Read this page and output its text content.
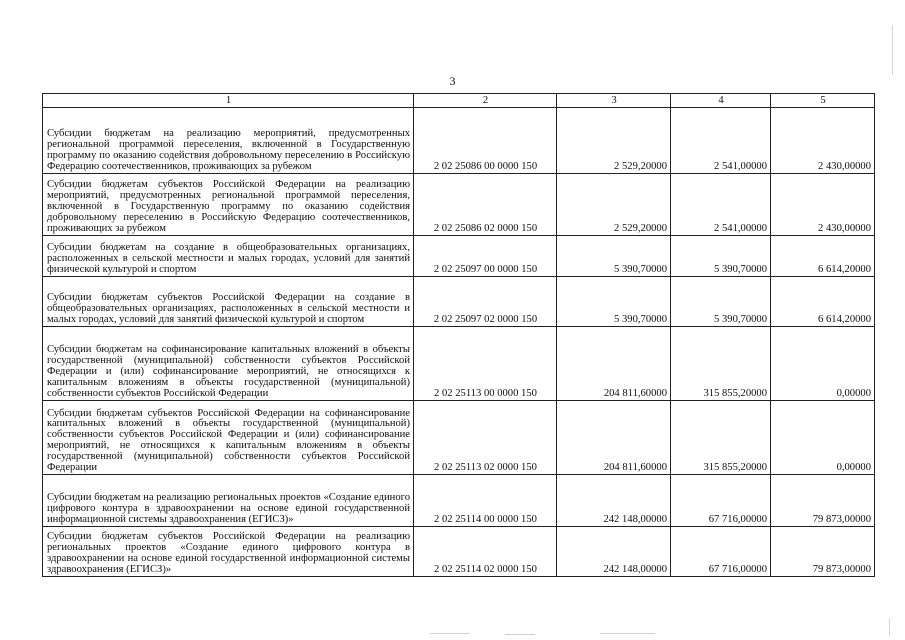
3
1	2	3	4	5
Субсидии бюджетам на реализацию мероприятий, предусмотренных региональной программой переселения, включенной в Государственную программу по оказанию содействия добровольному переселению в Российскую Федерацию соотечественников, проживающих за рубежом	2 02 25086 00 0000 150	2 529,20000	2 541,00000	2 430,00000
Субсидии бюджетам субъектов Российской Федерации на реализацию мероприятий, предусмотренных региональной программой переселения, включенной в Государственную программу по оказанию содействия добровольному переселению в Российскую Федерацию соотечественников, проживающих за рубежом	2 02 25086 02 0000 150	2 529,20000	2 541,00000	2 430,00000
Субсидии бюджетам на создание в общеобразовательных организациях, расположенных в сельской местности и малых городах, условий для занятий физической культурой и спортом	2 02 25097 00 0000 150	5 390,70000	5 390,70000	6 614,20000
Субсидии бюджетам субъектов Российской Федерации на создание в общеобразовательных организациях, расположенных в сельской местности и малых городах, условий для занятий физической культурой и спортом	2 02 25097 02 0000 150	5 390,70000	5 390,70000	6 614,20000
Субсидии бюджетам на софинансирование капитальных вложений в объекты государственной (муниципальной) собственности субъектов Российской Федерации и (или) софинансирование мероприятий, не относящихся к капитальным вложениям в объекты государственной (муниципальной) собственности субъектов Российской Федерации	2 02 25113 00 0000 150	204 811,60000	315 855,20000	0,00000
Субсидии бюджетам субъектов Российской Федерации на софинансирование капитальных вложений в объекты государственной (муниципальной) собственности субъектов Российской Федерации и (или) софинансирование мероприятий, не относящихся к капитальным вложениям в объекты государственной (муниципальной) собственности субъектов Российской Федерации	2 02 25113 02 0000 150	204 811,60000	315 855,20000	0,00000
Субсидии бюджетам на реализацию региональных проектов «Создание единого цифрового контура в здравоохранении на основе единой государственной информационной системы здравоохранения (ЕГИСЗ)»	2 02 25114 00 0000 150	242 148,00000	67 716,00000	79 873,00000
Субсидии бюджетам субъектов Российской Федерации на реализацию региональных проектов «Создание единого цифрового контура в здравоохранении на основе единой государственной информационной системы здравоохранения (ЕГИСЗ)»	2 02 25114 02 0000 150	242 148,00000	67 716,00000	79 873,00000
